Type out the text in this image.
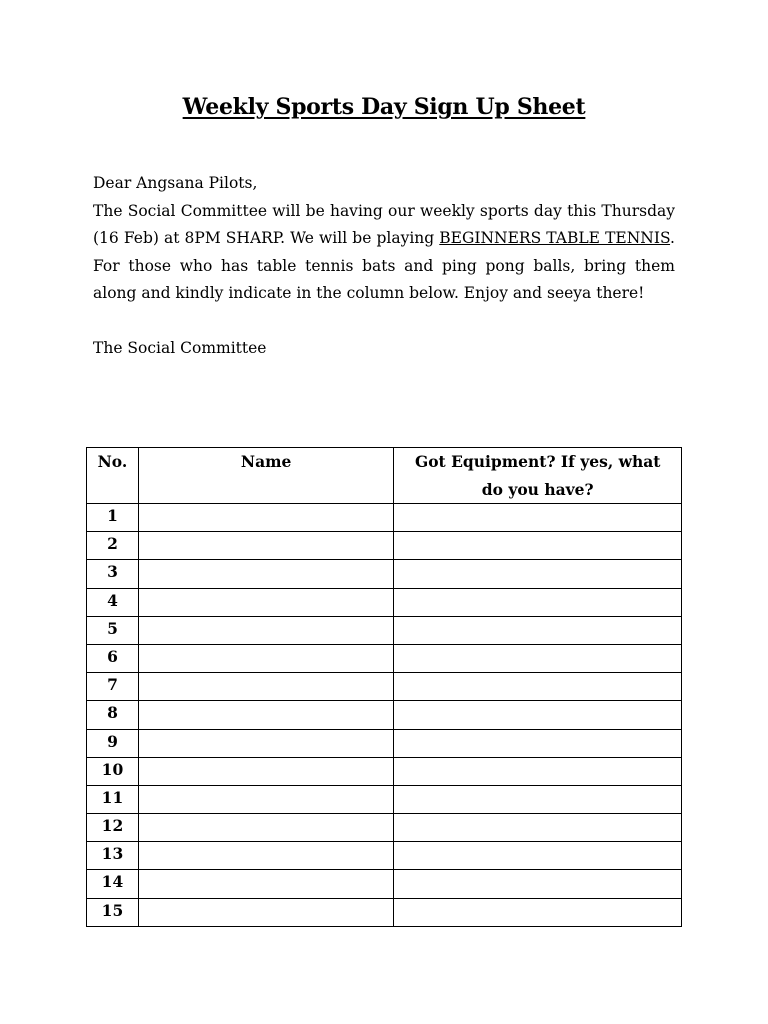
Weekly Sports Day Sign Up Sheet

Dear Angsana Pilots,

The Social Committee will be having our weekly sports day this Thursday (16 Feb) at 8PM SHARP. We will be playing BEGINNERS TABLE TENNIS. For those who has table tennis bats and ping pong balls, bring them along and kindly indicate in the column below. Enjoy and seeya there!

The Social Committee
No.	Name	Got Equipment? If yes, what do you have?
1		
2		
3		
4		
5		
6		
7		
8		
9		
10		
11		
12		
13		
14		
15		
